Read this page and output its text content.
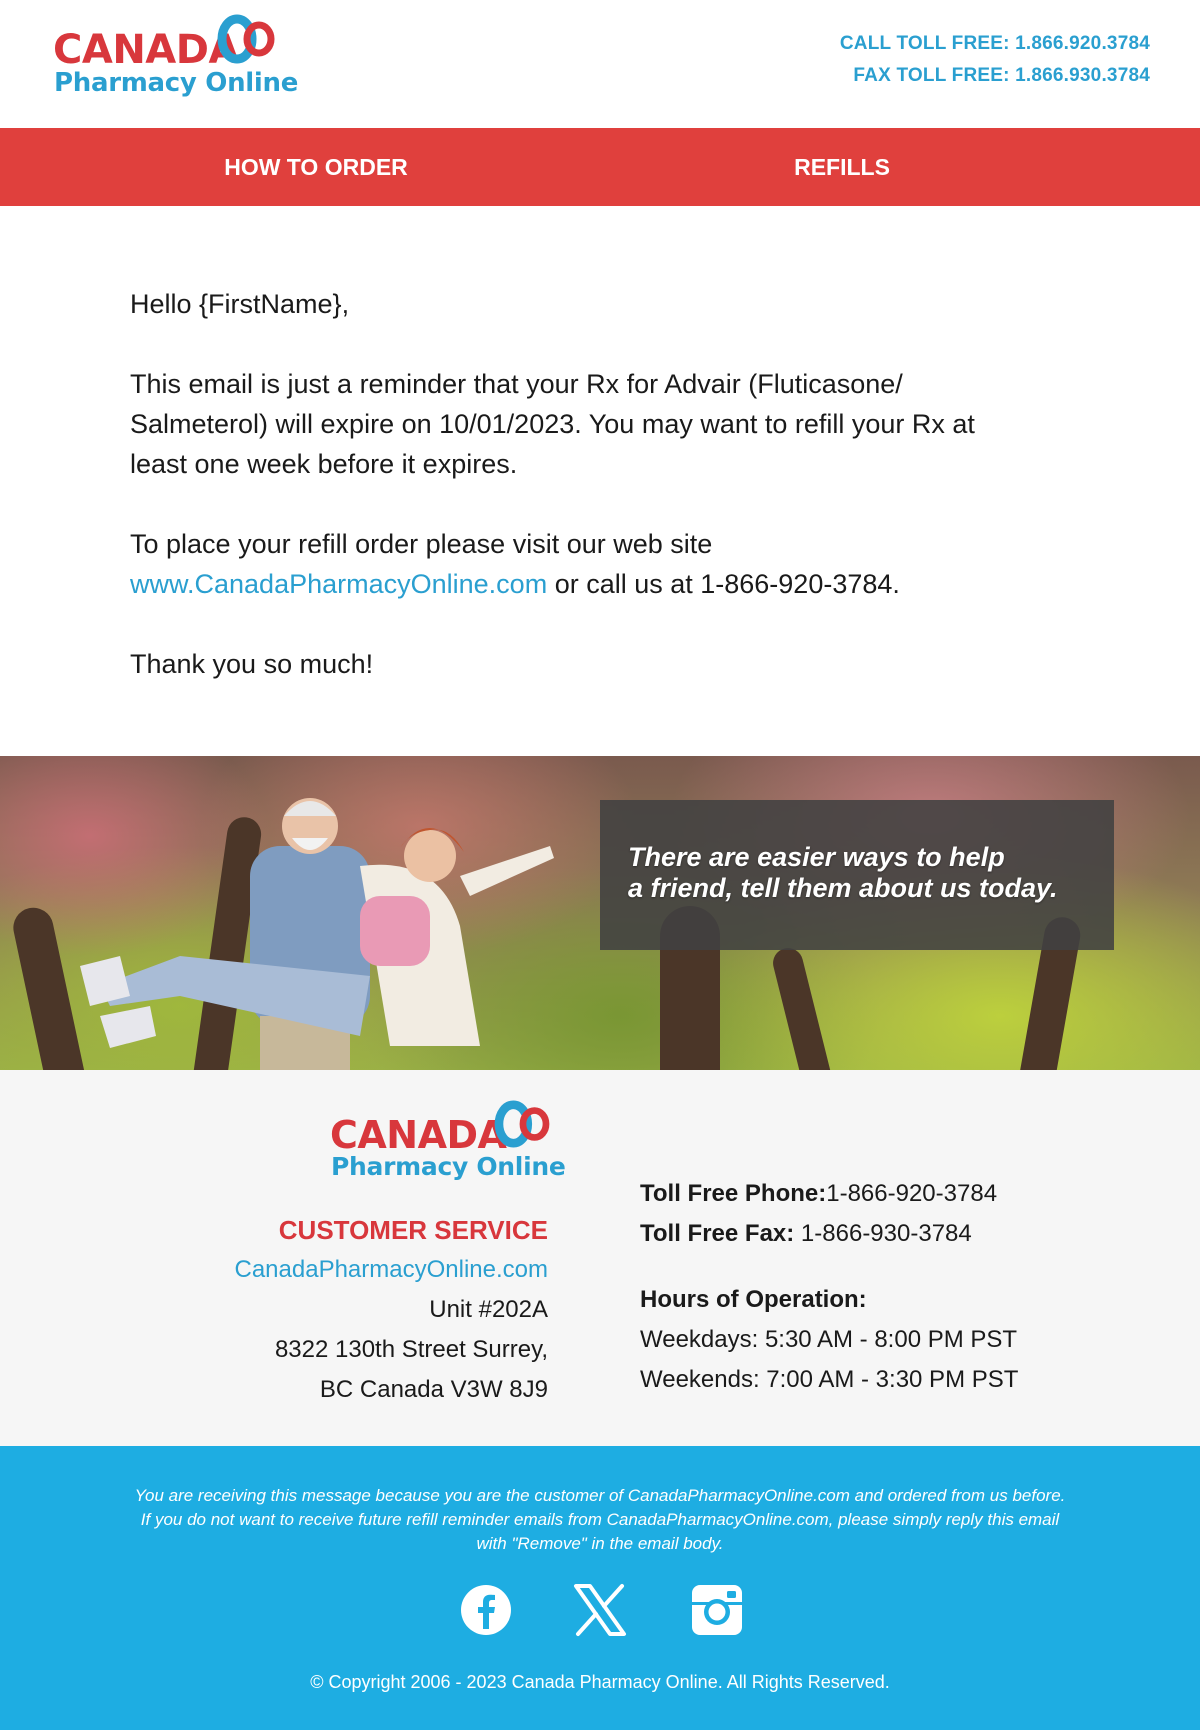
CANADA
Pharmacy Online
CALL TOLL FREE: 1.866.920.3784
FAX TOLL FREE: 1.866.930.3784
HOW TO ORDER	REFILLS

Hello {FirstName},

This email is just a reminder that your Rx for Advair (Fluticasone/
Salmeterol) will expire on 10/01/2023. You may want to refill your Rx at
least one week before it expires.

To place your refill order please visit our web site
www.CanadaPharmacyOnline.com or call us at 1-866-920-3784.

Thank you so much!

There are easier ways to help
a friend, tell them about us today.
CANADA
Pharmacy Online
CUSTOMER SERVICE
CanadaPharmacyOnline.com
Unit #202A
8322 130th Street Surrey,
BC Canada V3W 8J9
Toll Free Phone:1-866-920-3784
Toll Free Fax: 1-866-930-3784
Hours of Operation:
Weekdays: 5:30 AM - 8:00 PM PST
Weekends: 7:00 AM - 3:30 PM PST
You are receiving this message because you are the customer of CanadaPharmacyOnline.com and ordered from us before. If you do not want to receive future refill reminder emails from CanadaPharmacyOnline.com, please simply reply this email with "Remove" in the email body.
© Copyright 2006 - 2023 Canada Pharmacy Online. All Rights Reserved.
